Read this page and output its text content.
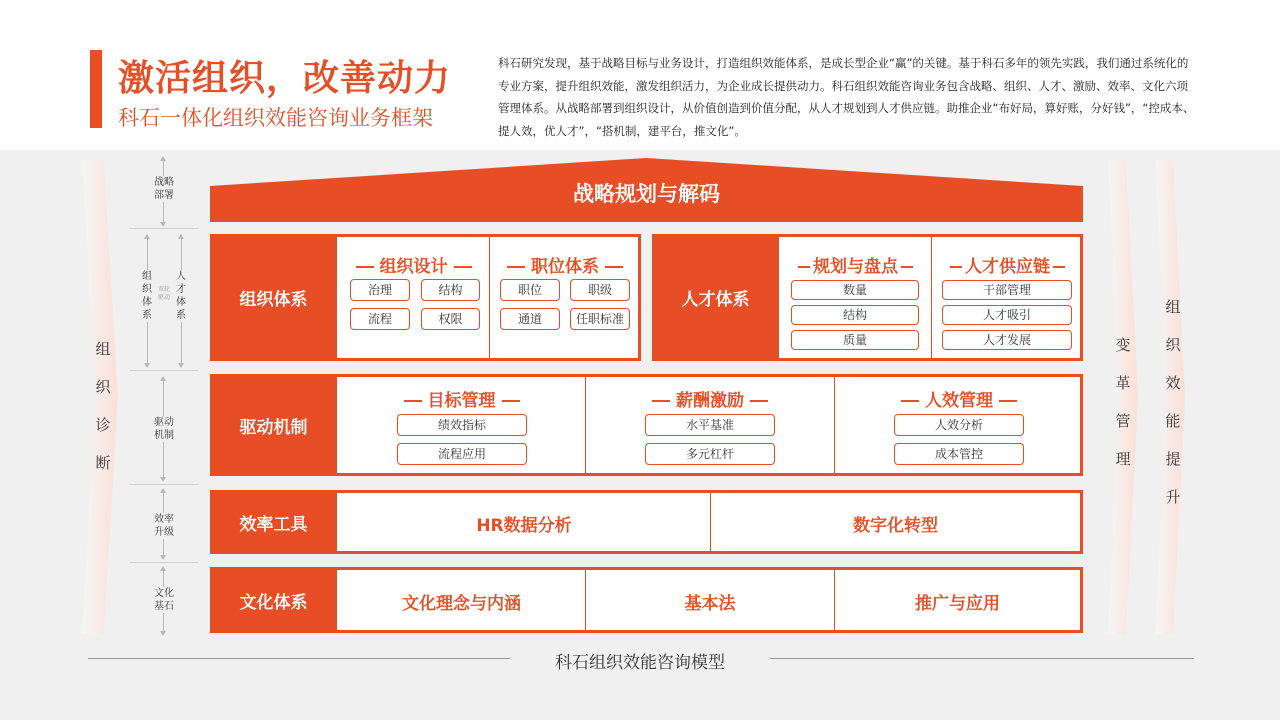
激活组织，改善动力
科石一体化组织效能咨询业务框架
科石研究发现，基于战略目标与业务设计，打造组织效能体系，是成长型企业“赢”的关键。基于科石多年的领先实践，我们通过系统化的专业方案，提升组织效能，激发组织活力，为企业成长提供动力。科石组织效能咨询业务包含战略、组织、人才、激励、效率、文化六项管理体系。从战略部署到组织设计，从价值创造到价值分配，从人才规划到人才供应链。助推企业“布好局，算好账，分好钱”，“控成本、提人效，优人才”，“搭机制，建平台，推文化”。
组
织
诊
断
战略
部署
组织
体系
人才
体系
双轮驱动
驱动
机制
效率
升级
文化
基石
战略规划与解码
组织体系
组织设计
治理	结构
流程	权限
职位体系
职位	职级
通道	任职标准
人才体系
规划与盘点
数量
结构
质量
人才供应链
干部管理
人才吸引
人才发展
驱动机制
目标管理
绩效指标
流程应用
薪酬激励
水平基准
多元杠杆
人效管理
人效分析
成本管控
效率工具	HR数据分析	数字化转型
文化体系	文化理念与内涵	基本法	推广与应用
变
革
管
理
组
织
效
能
提
升
科石组织效能咨询模型
